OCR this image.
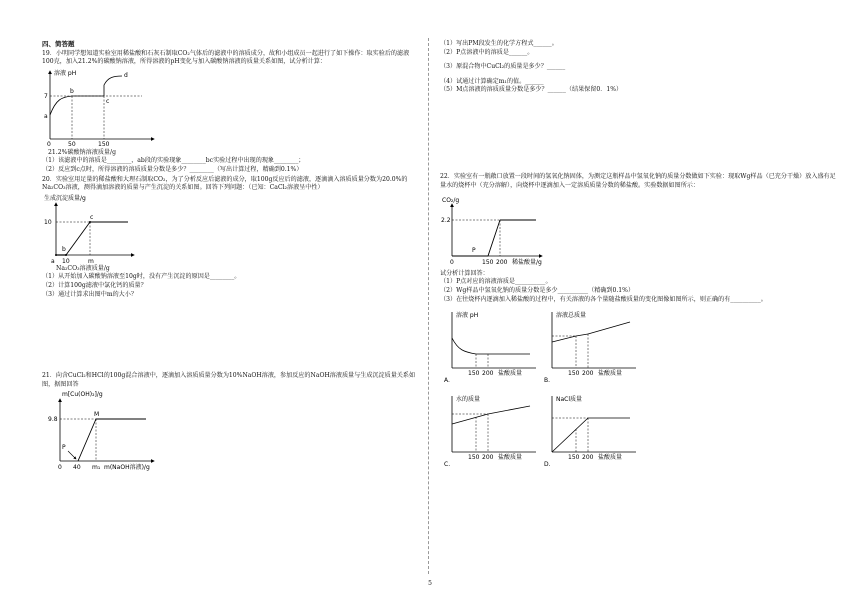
四、简答题

19．小明同学想知道实验室用稀盐酸和石灰石制取CO₂气体后的滤液中的溶质成分，故和小组成员一起进行了如下操作：取实验后的滤液100克，加入21.2%的碳酸钠溶液，所得溶液的pH变化与加入碳酸钠溶液的质量关系如图，试分析计算：

溶液 pH
7
a
b
c
d
0	50	150

21.2%碳酸钠溶液质量/g

（1）该滤液中的溶质是________，ab段的实验现象________bc实验过程中出现的现象________；

（2）反应到c点时，所得溶液的溶质质量分数是多少？________（写出计算过程，精确到0.1%）

20．实验室用足量的稀盐酸和大理石制取CO₂，为了分析反应后滤液的成分，取100g反应后的滤液，逐滴滴入溶质质量分数为20.0%的Na₂CO₃溶液，测得滴加溶液的质量与产生沉淀的关系如图。回答下列问题：（已知：CaCl₂溶液呈中性）

生成沉淀质量/g
10
a
b
c
10	m

Na₂CO₃溶液质量/g

（1）从开始加入碳酸钠溶液至10g时，没有产生沉淀的原因是________。

（2）计算100g滤液中氯化钙的质量？

（3）通过计算求出图中m的大小？

21．向含CuCl₂和HCl的100g混合溶液中，逐滴加入溶质质量分数为10%NaOH溶液，参加反应的NaOH溶液质量与生成沉淀质量关系如图，据图回答

m[Cu(OH)₂]/g
9.8
P
M
0 40 m₁ m(NaOH溶液)/g

（1）写出PM段发生的化学方程式______。

（2）P点溶液中的溶质是______。

（3）原混合物中CuCl₂的质量是多少？______

（4）试通过计算确定m₁的值。______

（5）M点溶液的溶质质量分数是多少？______（结果保留0．1%）

22．实验室有一瓶敞口放置一段时间的氢氧化钠固体，为测定这瓶样品中氢氧化钠的质量分数做如下实验：现取Wg样品（已充分干燥）放入盛有足量水的烧杯中（充分溶解），向烧杯中逐滴加入一定溶质质量分数的稀盐酸。实验数据如图所示：

CO₂/g
2.2
P
0	150 200 稀盐酸量/g

试分析计算回答：

（1）P点对应的溶液溶质是__________。

（2）Wg样品中氢氧化钠的质量分数是多少__________（精确到0.1%）

（3）在往烧杯内逐滴加入稀盐酸的过程中，有关溶液的各个量随盐酸质量的变化图像如图所示，则正确的有__________。

A.
溶液 pH
150 200 盐酸质量
B.
溶液总质量
150 200 盐酸质量
C.
水的质量
150 200 盐酸质量
D.
NaCl质量
150 200 盐酸质量
5
